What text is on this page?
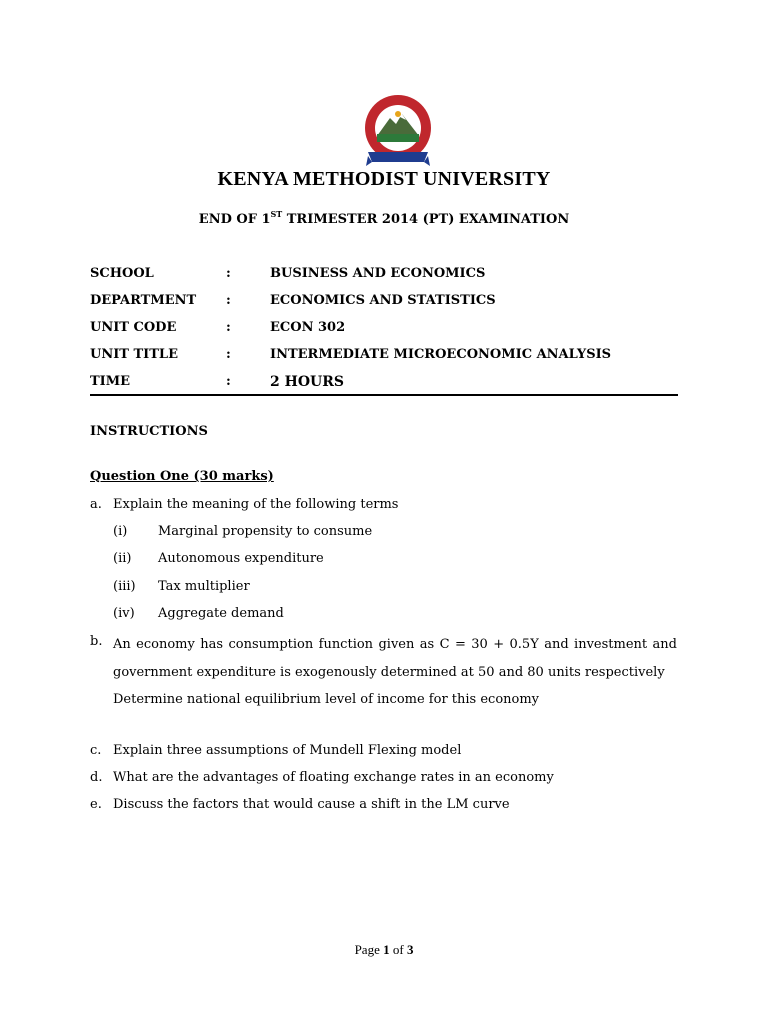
KENYA METHODIST UNIVERSITY
END OF 1ST TRIMESTER 2014 (PT) EXAMINATION
SCHOOL	:	BUSINESS AND ECONOMICS
DEPARTMENT :	ECONOMICS AND STATISTICS
UNIT CODE	:	ECON 302
UNIT TITLE	:	INTERMEDIATE MICROECONOMIC ANALYSIS
TIME	:	2 HOURS
INSTRUCTIONS
Question One (30 marks)
a. Explain the meaning of the following terms
(i) Marginal propensity to consume
(ii) Autonomous expenditure
(iii) Tax multiplier
(iv) Aggregate demand
b. An economy has consumption function given as C = 30 + 0.5Y and investment and government expenditure is exogenously determined at 50 and 80 units respectively
Determine national equilibrium level of income for this economy
c. Explain three assumptions of Mundell Flexing model
d. What are the advantages of floating exchange rates in an economy
e. Discuss the factors that would cause a shift in the LM curve
Page 1 of 3
